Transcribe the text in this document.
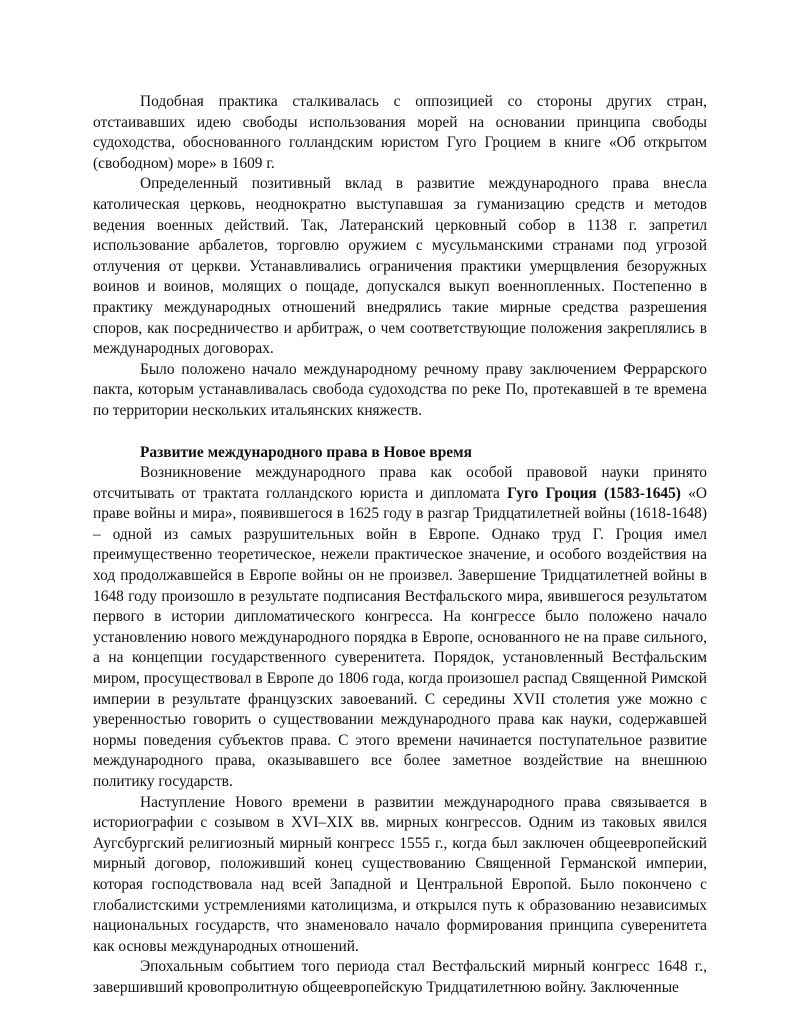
Подобная практика сталкивалась с оппозицией со стороны других стран, отстаивавших идею свободы использования морей на основании принципа свободы судоходства, обоснованного голландским юристом Гуго Гроцием в книге «Об открытом (свободном) море» в 1609 г.

Определенный позитивный вклад в развитие международного права внесла католическая церковь, неоднократно выступавшая за гуманизацию средств и методов ведения военных действий. Так, Латеранский церковный собор в 1138 г. запретил использование арбалетов, торговлю оружием с мусульманскими странами под угрозой отлучения от церкви. Устанавливались ограничения практики умерщвления безоружных воинов и воинов, молящих о пощаде, допускался выкуп военнопленных. Постепенно в практику международных отношений внедрялись такие мирные средства разрешения споров, как посредничество и арбитраж, о чем соответствующие положения закреплялись в международных договорах.

Было положено начало международному речному праву заключением Феррарского пакта, которым устанавливалась свобода судоходства по реке По, протекавшей в те времена по территории нескольких итальянских княжеств.

Развитие международного права в Новое время

Возникновение международного права как особой правовой науки принято отсчитывать от трактата голландского юриста и дипломата Гуго Гроция (1583-1645) «О праве войны и мира», появившегося в 1625 году в разгар Тридцатилетней войны (1618-1648) – одной из самых разрушительных войн в Европе. Однако труд Г. Гроция имел преимущественно теоретическое, нежели практическое значение, и особого воздействия на ход продолжавшейся в Европе войны он не произвел. Завершение Тридцатилетней войны в 1648 году произошло в результате подписания Вестфальского мира, явившегося результатом первого в истории дипломатического конгресса. На конгрессе было положено начало установлению нового международного порядка в Европе, основанного не на праве сильного, а на концепции государственного суверенитета. Порядок, установленный Вестфальским миром, просуществовал в Европе до 1806 года, когда произошел распад Священной Римской империи в результате французских завоеваний. С середины XVII столетия уже можно с уверенностью говорить о существовании международного права как науки, содержавшей нормы поведения субъектов права. С этого времени начинается поступательное развитие международного права, оказывавшего все более заметное воздействие на внешнюю политику государств.

Наступление Нового времени в развитии международного права связывается в историографии с созывом в XVI–XIX вв. мирных конгрессов. Одним из таковых явился Аугсбургский религиозный мирный конгресс 1555 г., когда был заключен общеевропейский мирный договор, положивший конец существованию Священной Германской империи, которая господствовала над всей Западной и Центральной Европой. Было покончено с глобалистскими устремлениями католицизма, и открылся путь к образованию независимых национальных государств, что знаменовало начало формирования принципа суверенитета как основы международных отношений.

Эпохальным событием того периода стал Вестфальский мирный конгресс 1648 г., завершивший кровопролитную общеевропейскую Тридцатилетнюю войну. Заключенные
